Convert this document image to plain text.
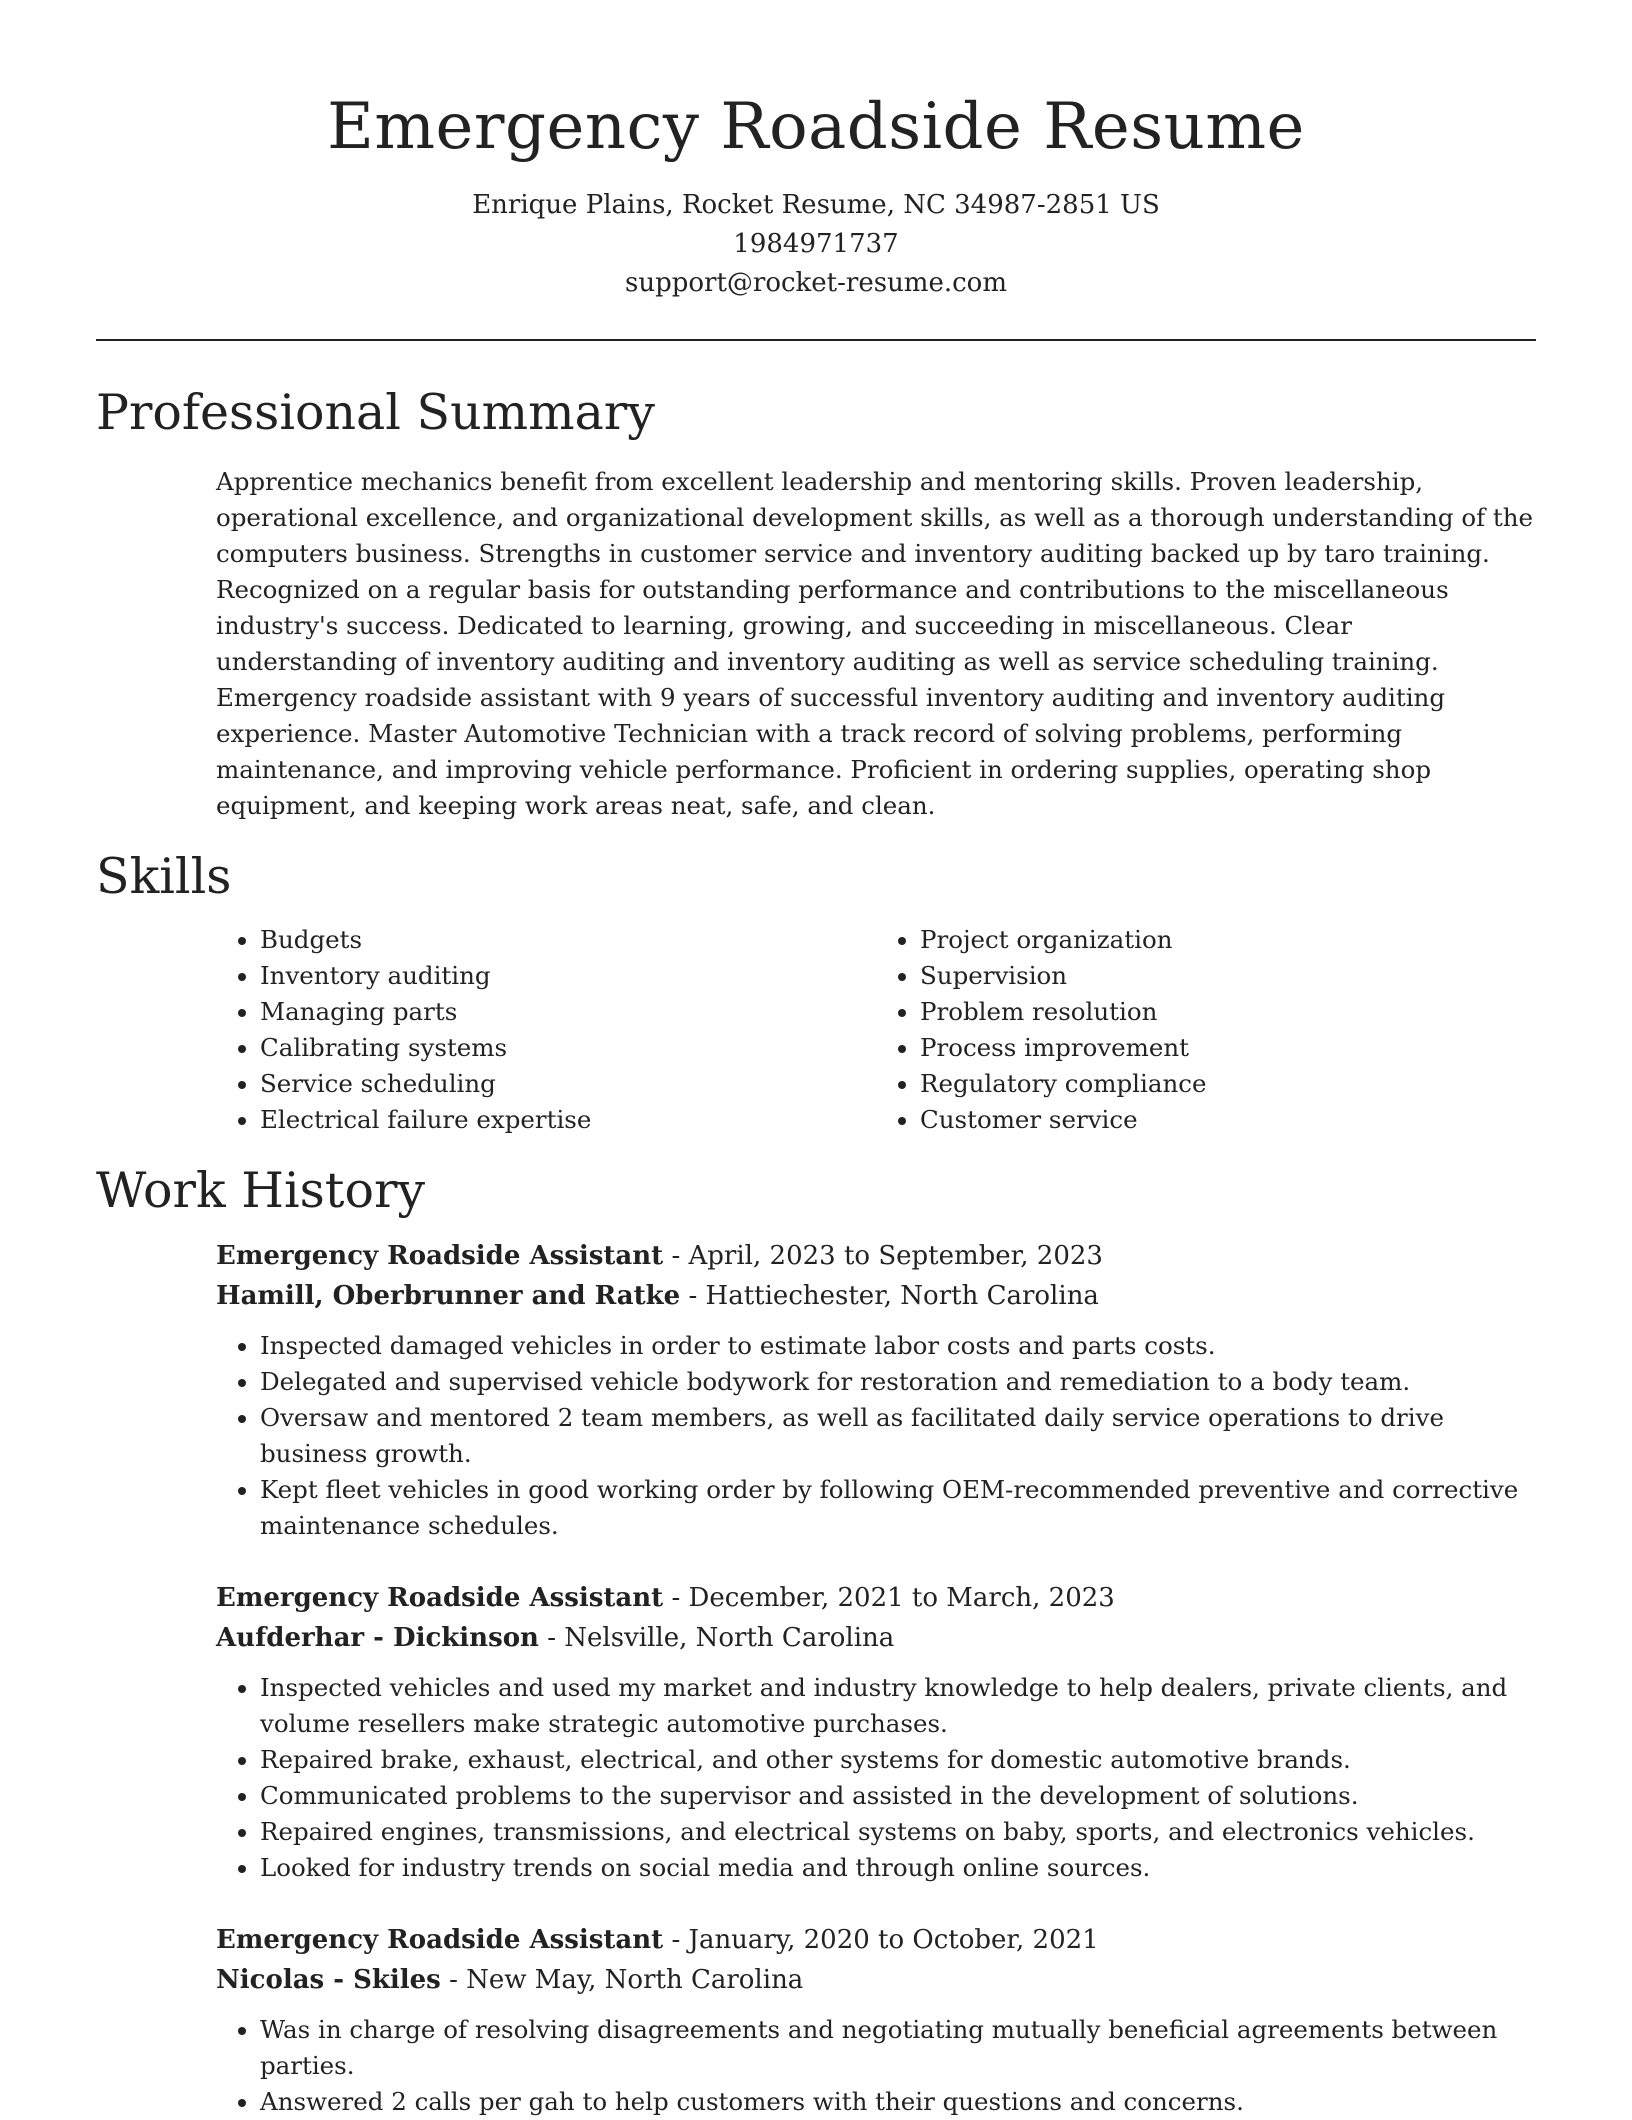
Emergency Roadside Resume
Enrique Plains, Rocket Resume, NC 34987-2851 US
1984971737
support@rocket-resume.com
Professional Summary
Apprentice mechanics benefit from excellent leadership and mentoring skills. Proven leadership, operational excellence, and organizational development skills, as well as a thorough understanding of the computers business. Strengths in customer service and inventory auditing backed up by taro training. Recognized on a regular basis for outstanding performance and contributions to the miscellaneous industry's success. Dedicated to learning, growing, and succeeding in miscellaneous. Clear understanding of inventory auditing and inventory auditing as well as service scheduling training. Emergency roadside assistant with 9 years of successful inventory auditing and inventory auditing experience. Master Automotive Technician with a track record of solving problems, performing maintenance, and improving vehicle performance. Proficient in ordering supplies, operating shop equipment, and keeping work areas neat, safe, and clean.
Skills
• Budgets
• Inventory auditing
• Managing parts
• Calibrating systems
• Service scheduling
• Electrical failure expertise
• Project organization
• Supervision
• Problem resolution
• Process improvement
• Regulatory compliance
• Customer service
Work History
Emergency Roadside Assistant - April, 2023 to September, 2023
Hamill, Oberbrunner and Ratke - Hattiechester, North Carolina
• Inspected damaged vehicles in order to estimate labor costs and parts costs.
• Delegated and supervised vehicle bodywork for restoration and remediation to a body team.
• Oversaw and mentored 2 team members, as well as facilitated daily service operations to drive business growth.
• Kept fleet vehicles in good working order by following OEM-recommended preventive and corrective maintenance schedules.
Emergency Roadside Assistant - December, 2021 to March, 2023
Aufderhar - Dickinson - Nelsville, North Carolina
• Inspected vehicles and used my market and industry knowledge to help dealers, private clients, and volume resellers make strategic automotive purchases.
• Repaired brake, exhaust, electrical, and other systems for domestic automotive brands.
• Communicated problems to the supervisor and assisted in the development of solutions.
• Repaired engines, transmissions, and electrical systems on baby, sports, and electronics vehicles.
• Looked for industry trends on social media and through online sources.
Emergency Roadside Assistant - January, 2020 to October, 2021
Nicolas - Skiles - New May, North Carolina
• Was in charge of resolving disagreements and negotiating mutually beneficial agreements between parties.
• Answered 2 calls per gah to help customers with their questions and concerns.
